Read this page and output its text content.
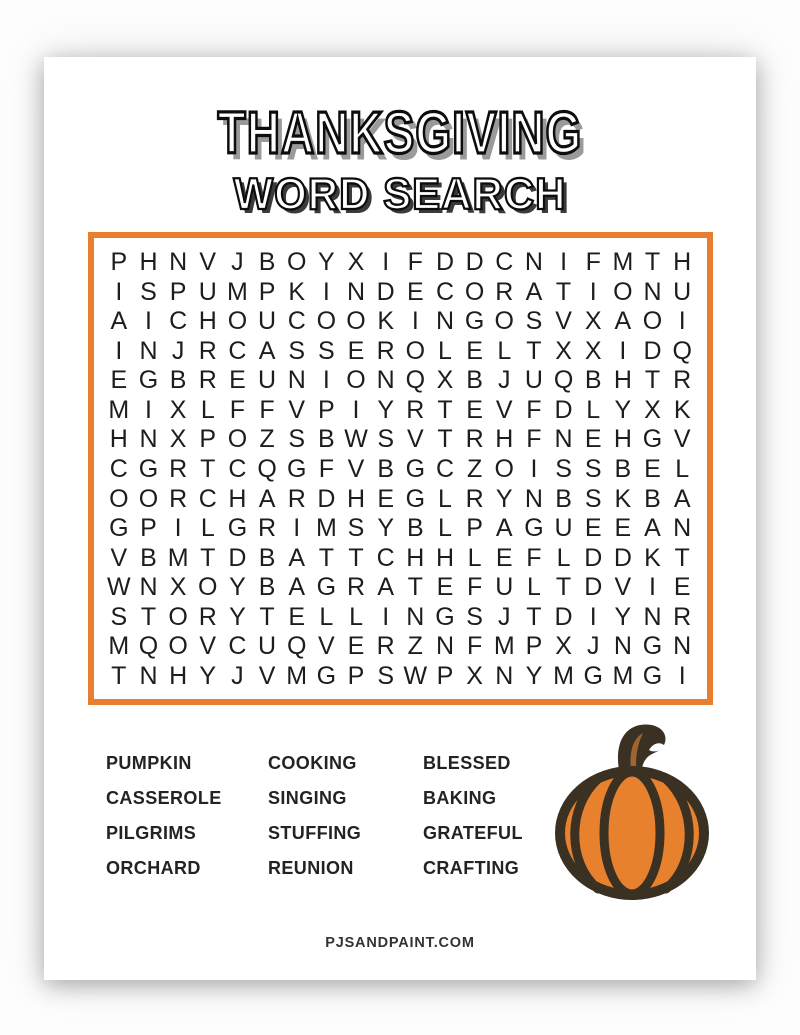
THANKSGIVING
WORD SEARCH
P H N V J B O Y X I F D D C N I F M T H
I S P U M P K I N D E C O R A T I O N U
A I C H O U C O O K I N G O S V X A O I
I N J R C A S S E R O L E L T X X I D Q
E G B R E U N I O N Q X B J U Q B H T R
M I X L F F V P I Y R T E V F D L Y X K
H N X P O Z S B W S V T R H F N E H G V
C G R T C Q G F V B G C Z O I S S B E L
O O R C H A R D H E G L R Y N B S K B A
G P I L G R I M S Y B L P A G U E E A N
V B M T D B A T T C H H L E F L D D K T
W N X O Y B A G R A T E F U L T D V I E
S T O R Y T E L L I N G S J T D I Y N R
M Q O V C U Q V E R Z N F M P X J N G N
T N H Y J V M G P S W P X N Y M G M G I
PUMPKIN
CASSEROLE
PILGRIMS
ORCHARD
COOKING
SINGING
STUFFING
REUNION
BLESSED
BAKING
GRATEFUL
CRAFTING
PJSANDPAINT.COM
